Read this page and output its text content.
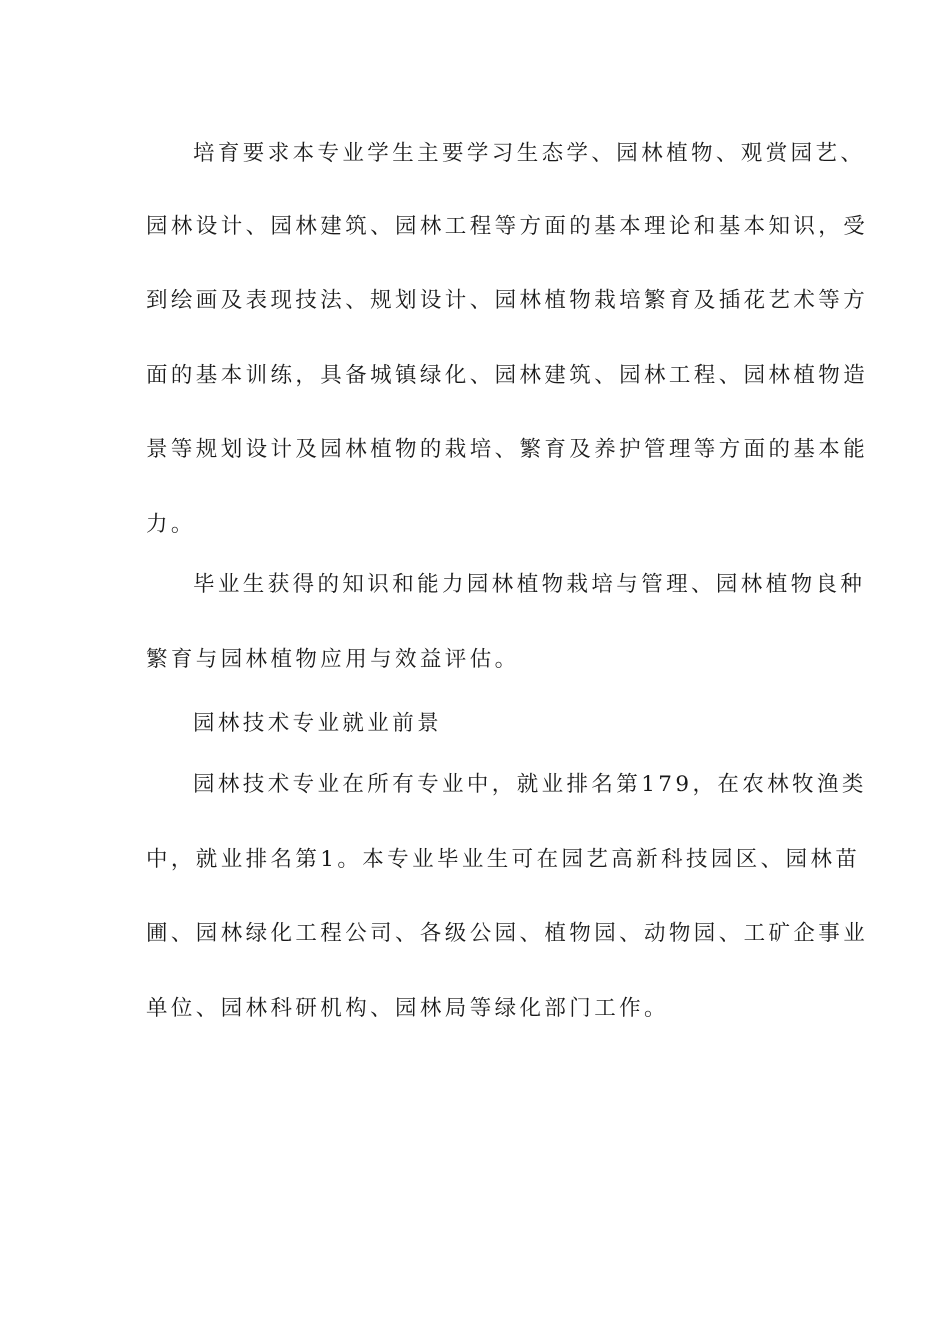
培育要求本专业学生主要学习生态学、园林植物、观赏园艺、
园林设计、园林建筑、园林工程等方面的基本理论和基本知识，受
到绘画及表现技法、规划设计、园林植物栽培繁育及插花艺术等方
面的基本训练，具备城镇绿化、园林建筑、园林工程、园林植物造
景等规划设计及园林植物的栽培、繁育及养护管理等方面的基本能
力。
毕业生获得的知识和能力园林植物栽培与管理、园林植物良种
繁育与园林植物应用与效益评估。
园林技术专业就业前景
园林技术专业在所有专业中，就业排名第179，在农林牧渔类
中，就业排名第1。本专业毕业生可在园艺高新科技园区、园林苗
圃、园林绿化工程公司、各级公园、植物园、动物园、工矿企事业
单位、园林科研机构、园林局等绿化部门工作。
